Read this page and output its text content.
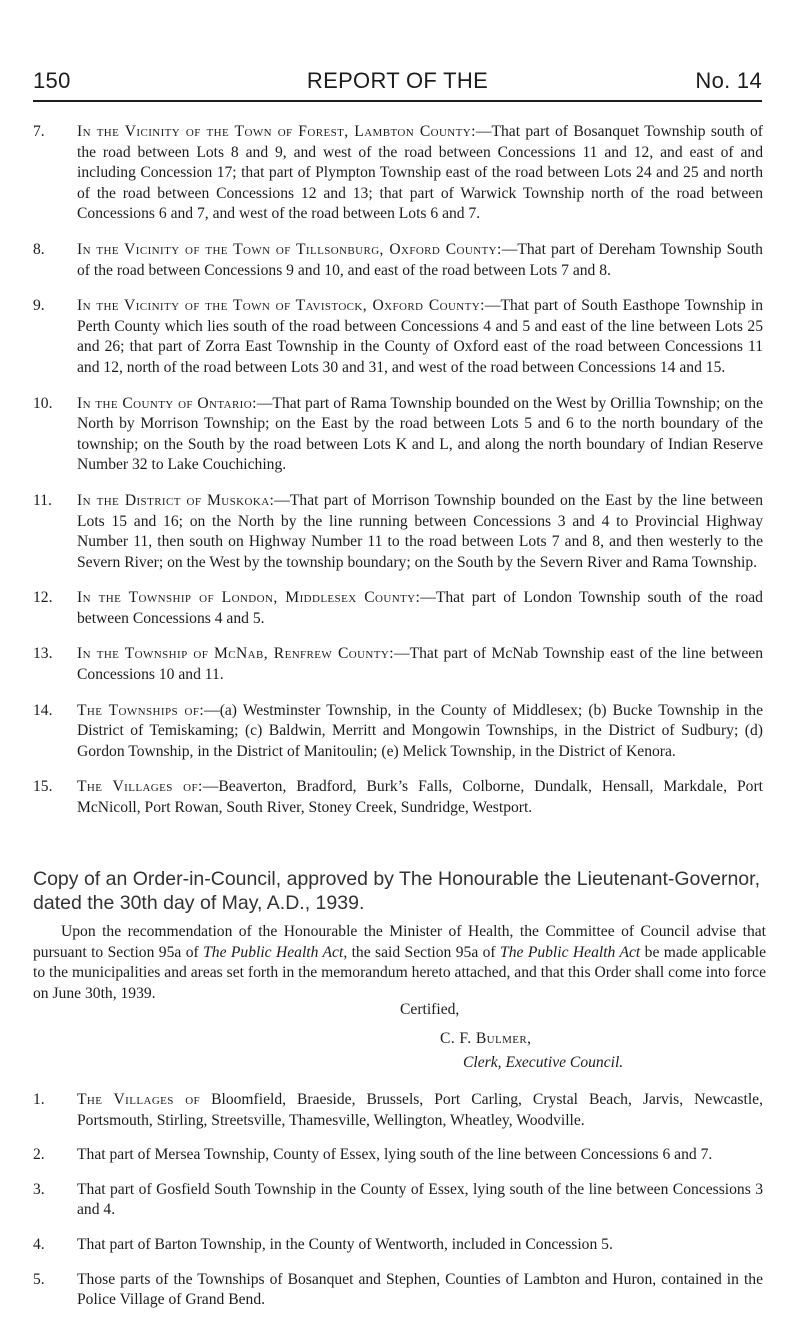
150	REPORT OF THE	No. 14
7. In the Vicinity of the Town of Forest, Lambton County:—That part of Bosanquet Township south of the road between Lots 8 and 9, and west of the road between Concessions 11 and 12, and east of and including Concession 17; that part of Plympton Township east of the road between Lots 24 and 25 and north of the road between Concessions 12 and 13; that part of Warwick Township north of the road between Concessions 6 and 7, and west of the road between Lots 6 and 7.
8. In the Vicinity of the Town of Tillsonburg, Oxford County:—That part of Dereham Township South of the road between Concessions 9 and 10, and east of the road between Lots 7 and 8.
9. In the Vicinity of the Town of Tavistock, Oxford County:—That part of South Easthope Township in Perth County which lies south of the road between Concessions 4 and 5 and east of the line between Lots 25 and 26; that part of Zorra East Township in the County of Oxford east of the road between Concessions 11 and 12, north of the road between Lots 30 and 31, and west of the road between Concessions 14 and 15.
10. In the County of Ontario:—That part of Rama Township bounded on the West by Orillia Township; on the North by Morrison Township; on the East by the road between Lots 5 and 6 to the north boundary of the township; on the South by the road between Lots K and L, and along the north boundary of Indian Reserve Number 32 to Lake Couchiching.
11. In the District of Muskoka:—That part of Morrison Township bounded on the East by the line between Lots 15 and 16; on the North by the line running between Concessions 3 and 4 to Provincial Highway Number 11, then south on Highway Number 11 to the road between Lots 7 and 8, and then westerly to the Severn River; on the West by the township boundary; on the South by the Severn River and Rama Township.
12. In the Township of London, Middlesex County:—That part of London Township south of the road between Concessions 4 and 5.
13. In the Township of McNab, Renfrew County:—That part of McNab Township east of the line between Concessions 10 and 11.
14. The Townships of:—(a) Westminster Township, in the County of Middlesex; (b) Bucke Township in the District of Temiskaming; (c) Baldwin, Merritt and Mongowin Townships, in the District of Sudbury; (d) Gordon Township, in the District of Manitoulin; (e) Melick Township, in the District of Kenora.
15. The Villages of:—Beaverton, Bradford, Burk’s Falls, Colborne, Dundalk, Hensall, Markdale, Port McNicoll, Port Rowan, South River, Stoney Creek, Sundridge, Westport.
Copy of an Order-in-Council, approved by The Honourable the Lieutenant-Governor, dated the 30th day of May, A.D., 1939.

Upon the recommendation of the Honourable the Minister of Health, the Committee of Council advise that pursuant to Section 95a of The Public Health Act, the said Section 95a of The Public Health Act be made applicable to the municipalities and areas set forth in the memorandum hereto attached, and that this Order shall come into force on June 30th, 1939.

Certified,
C. F. Bulmer,
Clerk, Executive Council.
1. The Villages of Bloomfield, Braeside, Brussels, Port Carling, Crystal Beach, Jarvis, Newcastle, Portsmouth, Stirling, Streetsville, Thamesville, Wellington, Wheatley, Woodville.
2. That part of Mersea Township, County of Essex, lying south of the line between Concessions 6 and 7.
3. That part of Gosfield South Township in the County of Essex, lying south of the line between Concessions 3 and 4.
4. That part of Barton Township, in the County of Wentworth, included in Concession 5.
5. Those parts of the Townships of Bosanquet and Stephen, Counties of Lambton and Huron, contained in the Police Village of Grand Bend.
